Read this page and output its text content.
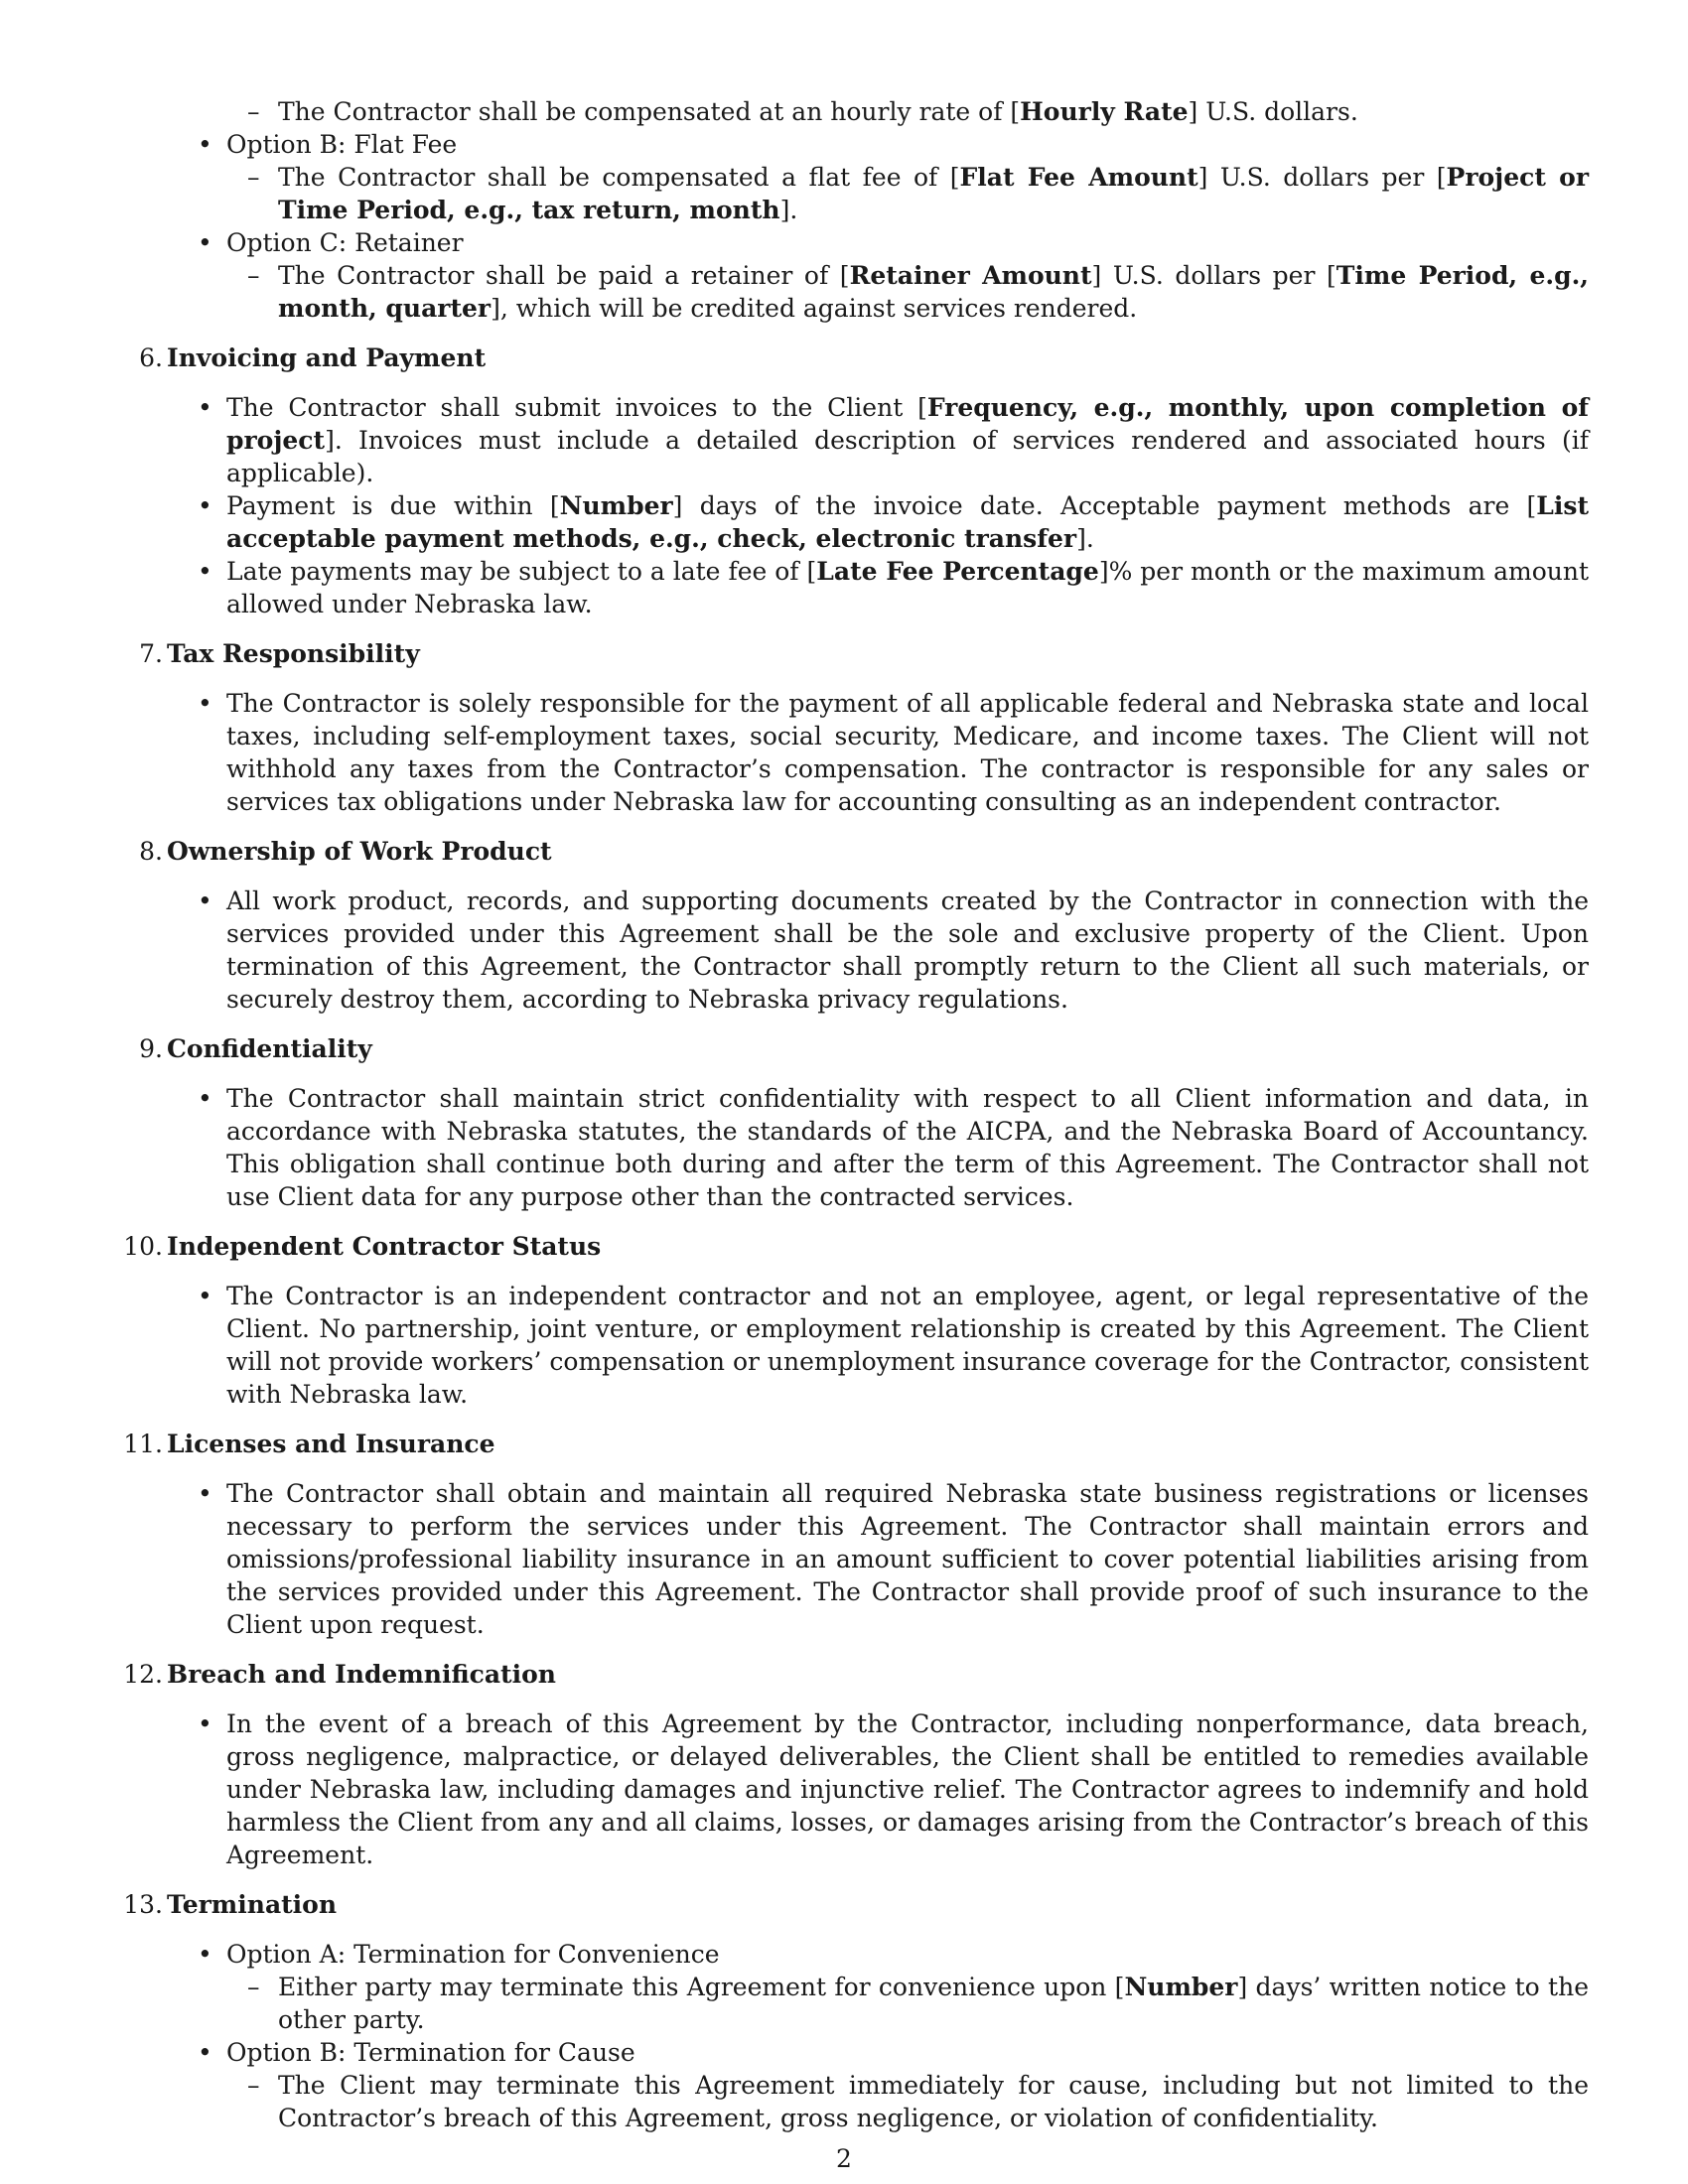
– The Contractor shall be compensated at an hourly rate of [Hourly Rate] U.S. dollars.
• Option B: Flat Fee
– The Contractor shall be compensated a flat fee of [Flat Fee Amount] U.S. dollars per [Project or Time Period, e.g., tax return, month].
• Option C: Retainer
– The Contractor shall be paid a retainer of [Retainer Amount] U.S. dollars per [Time Period, e.g., month, quarter], which will be credited against services rendered.
6. Invoicing and Payment
• The Contractor shall submit invoices to the Client [Frequency, e.g., monthly, upon completion of project]. Invoices must include a detailed description of services rendered and associated hours (if applicable).
• Payment is due within [Number] days of the invoice date. Acceptable payment methods are [List acceptable payment methods, e.g., check, electronic transfer].
• Late payments may be subject to a late fee of [Late Fee Percentage]% per month or the maximum amount allowed under Nebraska law.
7. Tax Responsibility
• The Contractor is solely responsible for the payment of all applicable federal and Nebraska state and local taxes, including self-employment taxes, social security, Medicare, and income taxes. The Client will not withhold any taxes from the Contractor’s compensation. The contractor is responsible for any sales or services tax obligations under Nebraska law for accounting consulting as an independent contractor.
8. Ownership of Work Product
• All work product, records, and supporting documents created by the Contractor in connection with the services provided under this Agreement shall be the sole and exclusive property of the Client. Upon termination of this Agreement, the Contractor shall promptly return to the Client all such materials, or securely destroy them, according to Nebraska privacy regulations.
9. Confidentiality
• The Contractor shall maintain strict confidentiality with respect to all Client information and data, in accordance with Nebraska statutes, the standards of the AICPA, and the Nebraska Board of Accountancy. This obligation shall continue both during and after the term of this Agreement. The Contractor shall not use Client data for any purpose other than the contracted services.
10. Independent Contractor Status
• The Contractor is an independent contractor and not an employee, agent, or legal representative of the Client. No partnership, joint venture, or employment relationship is created by this Agreement. The Client will not provide workers’ compensation or unemployment insurance coverage for the Contractor, consistent with Nebraska law.
11. Licenses and Insurance
• The Contractor shall obtain and maintain all required Nebraska state business registrations or licenses necessary to perform the services under this Agreement. The Contractor shall maintain errors and omissions/professional liability insurance in an amount sufficient to cover potential liabilities arising from the services provided under this Agreement. The Contractor shall provide proof of such insurance to the Client upon request.
12. Breach and Indemnification
• In the event of a breach of this Agreement by the Contractor, including nonperformance, data breach, gross negligence, malpractice, or delayed deliverables, the Client shall be entitled to remedies available under Nebraska law, including damages and injunctive relief. The Contractor agrees to indemnify and hold harmless the Client from any and all claims, losses, or damages arising from the Contractor’s breach of this Agreement.
13. Termination
• Option A: Termination for Convenience
– Either party may terminate this Agreement for convenience upon [Number] days’ written notice to the other party.
• Option B: Termination for Cause
– The Client may terminate this Agreement immediately for cause, including but not limited to the Contractor’s breach of this Agreement, gross negligence, or violation of confidentiality.
2
